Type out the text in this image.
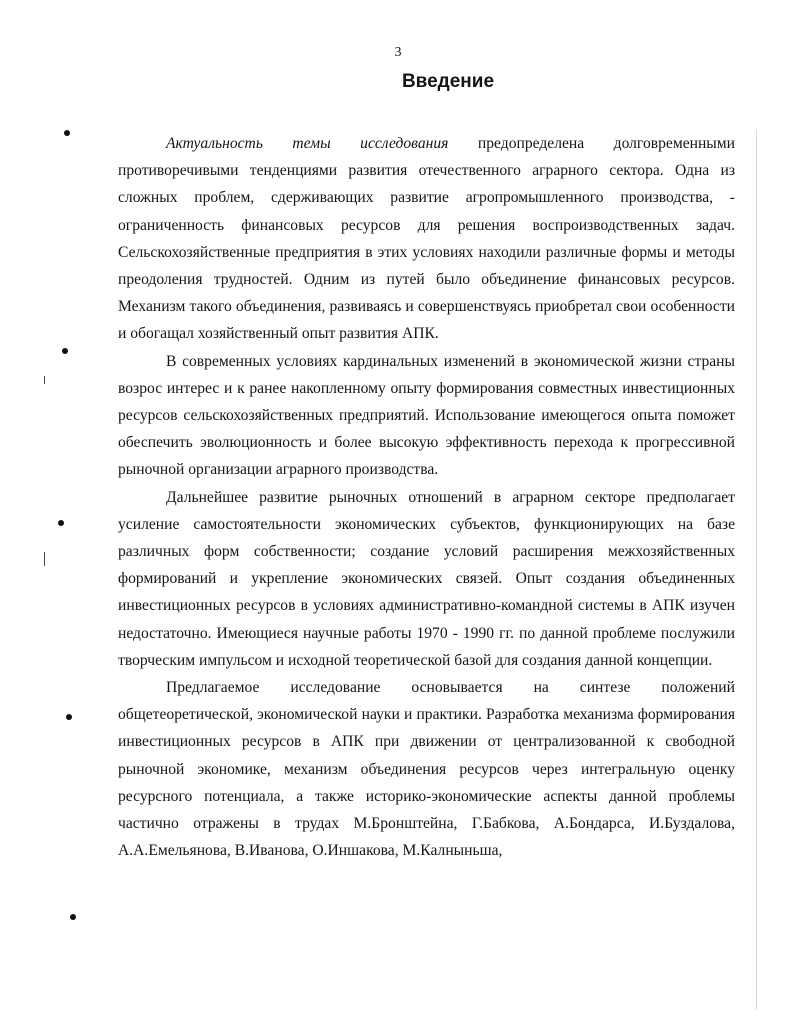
3
Введение

Актуальность темы исследования предопределена долговременными противоречивыми тенденциями развития отечественного аграрного сектора. Одна из сложных проблем, сдерживающих развитие агропромышленного производства, - ограниченность финансовых ресурсов для решения воспроизводственных задач. Сельскохозяйственные предприятия в этих условиях находили различные формы и методы преодоления трудностей. Одним из путей было объединение финансовых ресурсов. Механизм такого объединения, развиваясь и совершенствуясь приобретал свои особенности и обогащал хозяйственный опыт развития АПК.

В современных условиях кардинальных изменений в экономической жизни страны возрос интерес и к ранее накопленному опыту формирования совместных инвестиционных ресурсов сельскохозяйственных предприятий. Использование имеющегося опыта поможет обеспечить эволюционность и более высокую эффективность перехода к прогрессивной рыночной организации аграрного производства.

Дальнейшее развитие рыночных отношений в аграрном секторе предполагает усиление самостоятельности экономических субъектов, функционирующих на базе различных форм собственности; создание условий расширения межхозяйственных формирований и укрепление экономических связей. Опыт создания объединенных инвестиционных ресурсов в условиях административно-командной системы в АПК изучен недостаточно. Имеющиеся научные работы 1970 - 1990 гг. по данной проблеме послужили творческим импульсом и исходной теоретической базой для создания данной концепции.

Предлагаемое исследование основывается на синтезе положений общетеоретической, экономической науки и практики. Разработка механизма формирования инвестиционных ресурсов в АПК при движении от централизованной к свободной рыночной экономике, механизм объединения ресурсов через интегральную оценку ресурсного потенциала, а также историко-экономические аспекты данной проблемы частично отражены в трудах М.Бронштейна, Г.Бабкова, А.Бондарса, И.Буздалова, А.А.Емельянова, В.Иванова, О.Иншакова, М.Калныньша,
